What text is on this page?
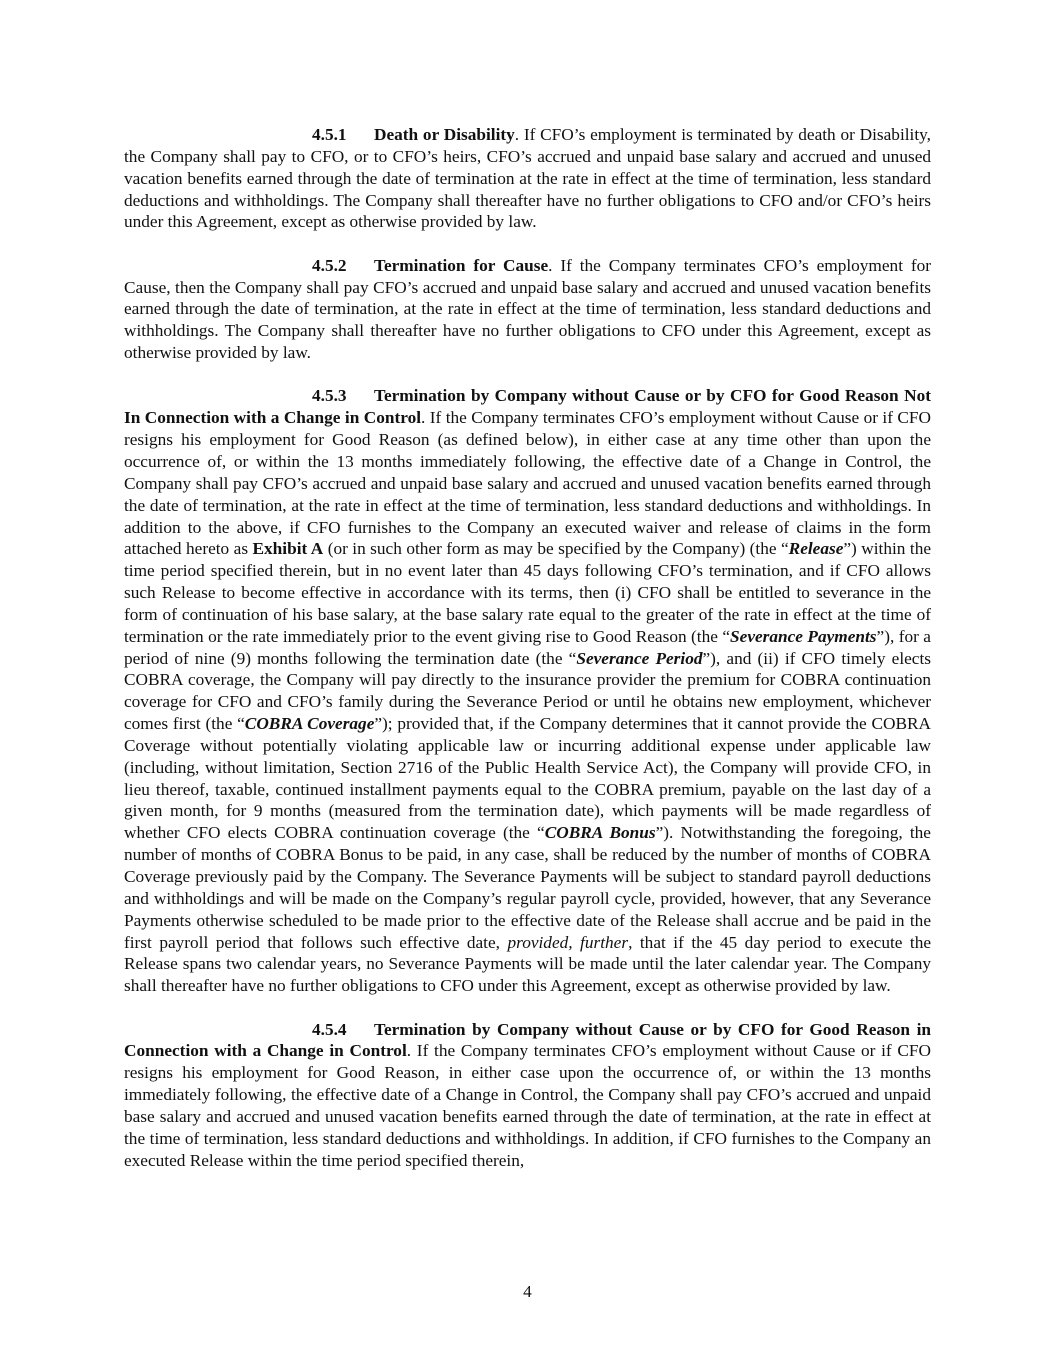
4.5.1 Death or Disability. If CFO’s employment is terminated by death or Disability, the Company shall pay to CFO, or to CFO’s heirs, CFO’s accrued and unpaid base salary and accrued and unused vacation benefits earned through the date of termination at the rate in effect at the time of termination, less standard deductions and withholdings. The Company shall thereafter have no further obligations to CFO and/or CFO’s heirs under this Agreement, except as otherwise provided by law.

4.5.2 Termination for Cause. If the Company terminates CFO’s employment for Cause, then the Company shall pay CFO’s accrued and unpaid base salary and accrued and unused vacation benefits earned through the date of termination, at the rate in effect at the time of termination, less standard deductions and withholdings. The Company shall thereafter have no further obligations to CFO under this Agreement, except as otherwise provided by law.

4.5.3 Termination by Company without Cause or by CFO for Good Reason Not In Connection with a Change in Control. If the Company terminates CFO’s employment without Cause or if CFO resigns his employment for Good Reason (as defined below), in either case at any time other than upon the occurrence of, or within the 13 months immediately following, the effective date of a Change in Control, the Company shall pay CFO’s accrued and unpaid base salary and accrued and unused vacation benefits earned through the date of termination, at the rate in effect at the time of termination, less standard deductions and withholdings. In addition to the above, if CFO furnishes to the Company an executed waiver and release of claims in the form attached hereto as Exhibit A (or in such other form as may be specified by the Company) (the “Release”) within the time period specified therein, but in no event later than 45 days following CFO’s termination, and if CFO allows such Release to become effective in accordance with its terms, then (i) CFO shall be entitled to severance in the form of continuation of his base salary, at the base salary rate equal to the greater of the rate in effect at the time of termination or the rate immediately prior to the event giving rise to Good Reason (the “Severance Payments”), for a period of nine (9) months following the termination date (the “Severance Period”), and (ii) if CFO timely elects COBRA coverage, the Company will pay directly to the insurance provider the premium for COBRA continuation coverage for CFO and CFO’s family during the Severance Period or until he obtains new employment, whichever comes first (the “COBRA Coverage”); provided that, if the Company determines that it cannot provide the COBRA Coverage without potentially violating applicable law or incurring additional expense under applicable law (including, without limitation, Section 2716 of the Public Health Service Act), the Company will provide CFO, in lieu thereof, taxable, continued installment payments equal to the COBRA premium, payable on the last day of a given month, for 9 months (measured from the termination date), which payments will be made regardless of whether CFO elects COBRA continuation coverage (the “COBRA Bonus”). Notwithstanding the foregoing, the number of months of COBRA Bonus to be paid, in any case, shall be reduced by the number of months of COBRA Coverage previously paid by the Company. The Severance Payments will be subject to standard payroll deductions and withholdings and will be made on the Company’s regular payroll cycle, provided, however, that any Severance Payments otherwise scheduled to be made prior to the effective date of the Release shall accrue and be paid in the first payroll period that follows such effective date, provided, further, that if the 45 day period to execute the Release spans two calendar years, no Severance Payments will be made until the later calendar year. The Company shall thereafter have no further obligations to CFO under this Agreement, except as otherwise provided by law.

4.5.4 Termination by Company without Cause or by CFO for Good Reason in Connection with a Change in Control. If the Company terminates CFO’s employment without Cause or if CFO resigns his employment for Good Reason, in either case upon the occurrence of, or within the 13 months immediately following, the effective date of a Change in Control, the Company shall pay CFO’s accrued and unpaid base salary and accrued and unused vacation benefits earned through the date of termination, at the rate in effect at the time of termination, less standard deductions and withholdings. In addition, if CFO furnishes to the Company an executed Release within the time period specified therein,

4
